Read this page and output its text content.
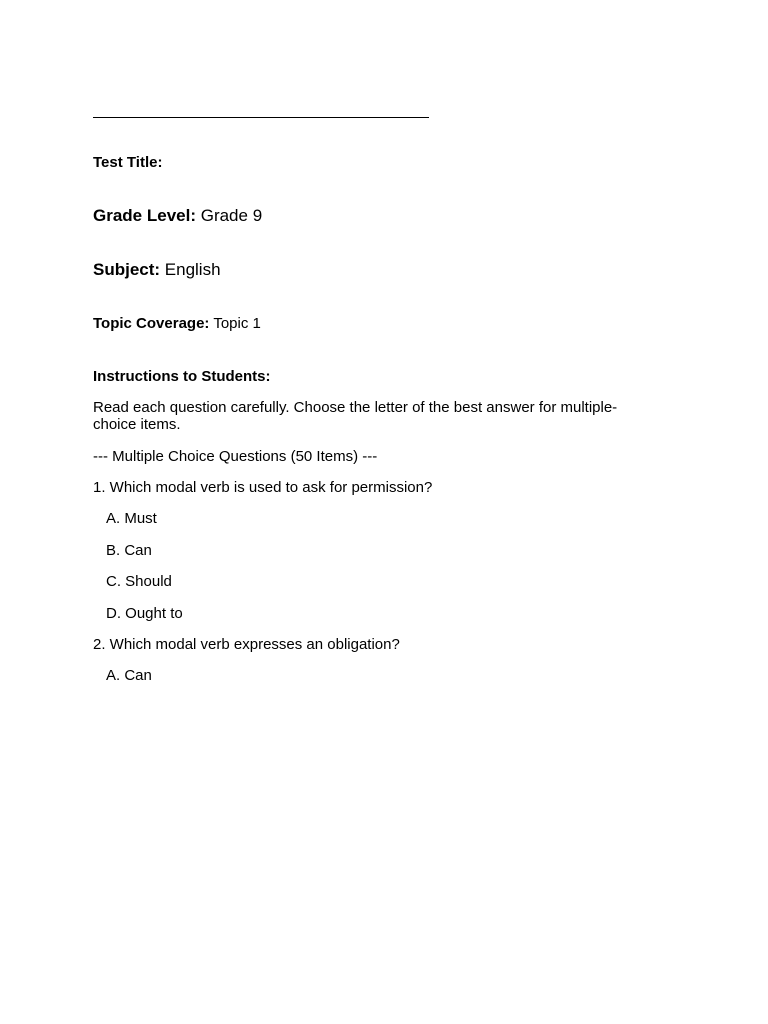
Test Title:
Grade Level: Grade 9
Subject: English
Topic Coverage: Topic 1
Instructions to Students:
Read each question carefully. Choose the letter of the best answer for multiple-choice items.
--- Multiple Choice Questions (50 Items) ---
1. Which modal verb is used to ask for permission?
A. Must
B. Can
C. Should
D. Ought to
2. Which modal verb expresses an obligation?
A. Can
